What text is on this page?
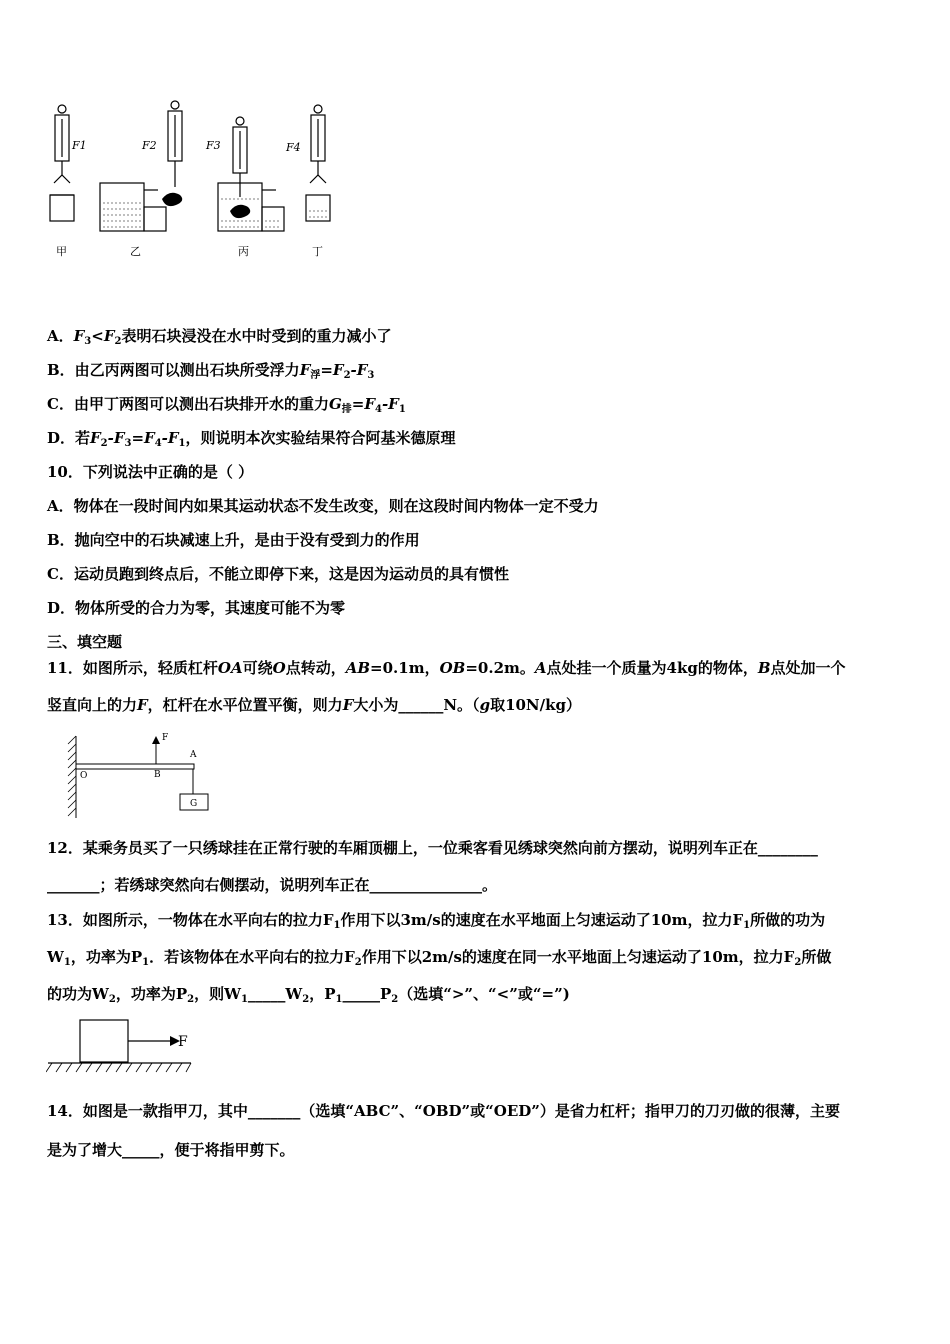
F1	F2	F3	F4
甲	乙	丙	丁
A．$F_3<F_2$表明石块浸没在水中时受到的重力减小了
B．由乙丙两图可以测出石块所受浮力$F_浮=F_2-F_3$
C．由甲丁两图可以测出石块排开水的重力$G_排=F_4-F_1$
D．若$F_2-F_3=F_4-F_1$，则说明本次实验结果符合阿基米德原理
10．下列说法中正确的是（ ）
A．物体在一段时间内如果其运动状态不发生改变，则在这段时间内物体一定不受力
B．抛向空中的石块减速上升，是由于没有受到力的作用
C．运动员跑到终点后，不能立即停下来，这是因为运动员的具有惯性
D．物体所受的合力为零，其速度可能不为零
三、填空题
11．如图所示，轻质杠杆OA可绕O点转动，AB=0.1m，OB=0.2m。A点处挂一个质量为4kg的物体，B点处加一个
竖直向上的力F，杠杆在水平位置平衡，则力F大小为______N。（g取10N/kg）
F
A
O	B
G
12．某乘务员买了一只绣球挂在正常行驶的车厢顶棚上，一位乘客看见绣球突然向前方摆动，说明列车正在________
_______；若绣球突然向右侧摆动，说明列车正在_______________。
13．如图所示，一物体在水平向右的拉力$F_1$作用下以3m/s的速度在水平地面上匀速运动了10m，拉力$F_1$所做的功为
$W_1$，功率为$P_1$．若该物体在水平向右的拉力$F_2$作用下以2m/s的速度在同一水平地面上匀速运动了10m，拉力$F_2$所做
的功为$W_2$，功率为$P_2$，则$W_1\_\_\_\_\_W_2$，$P_1\_\_\_\_\_P_2$（选填“>”、“<”或“=”)
F
14．如图是一款指甲刀，其中_______（选填“ABC”、“OBD”或“OED”）是省力杠杆；指甲刀的刀刃做的很薄，主要
是为了增大_____，便于将指甲剪下。
